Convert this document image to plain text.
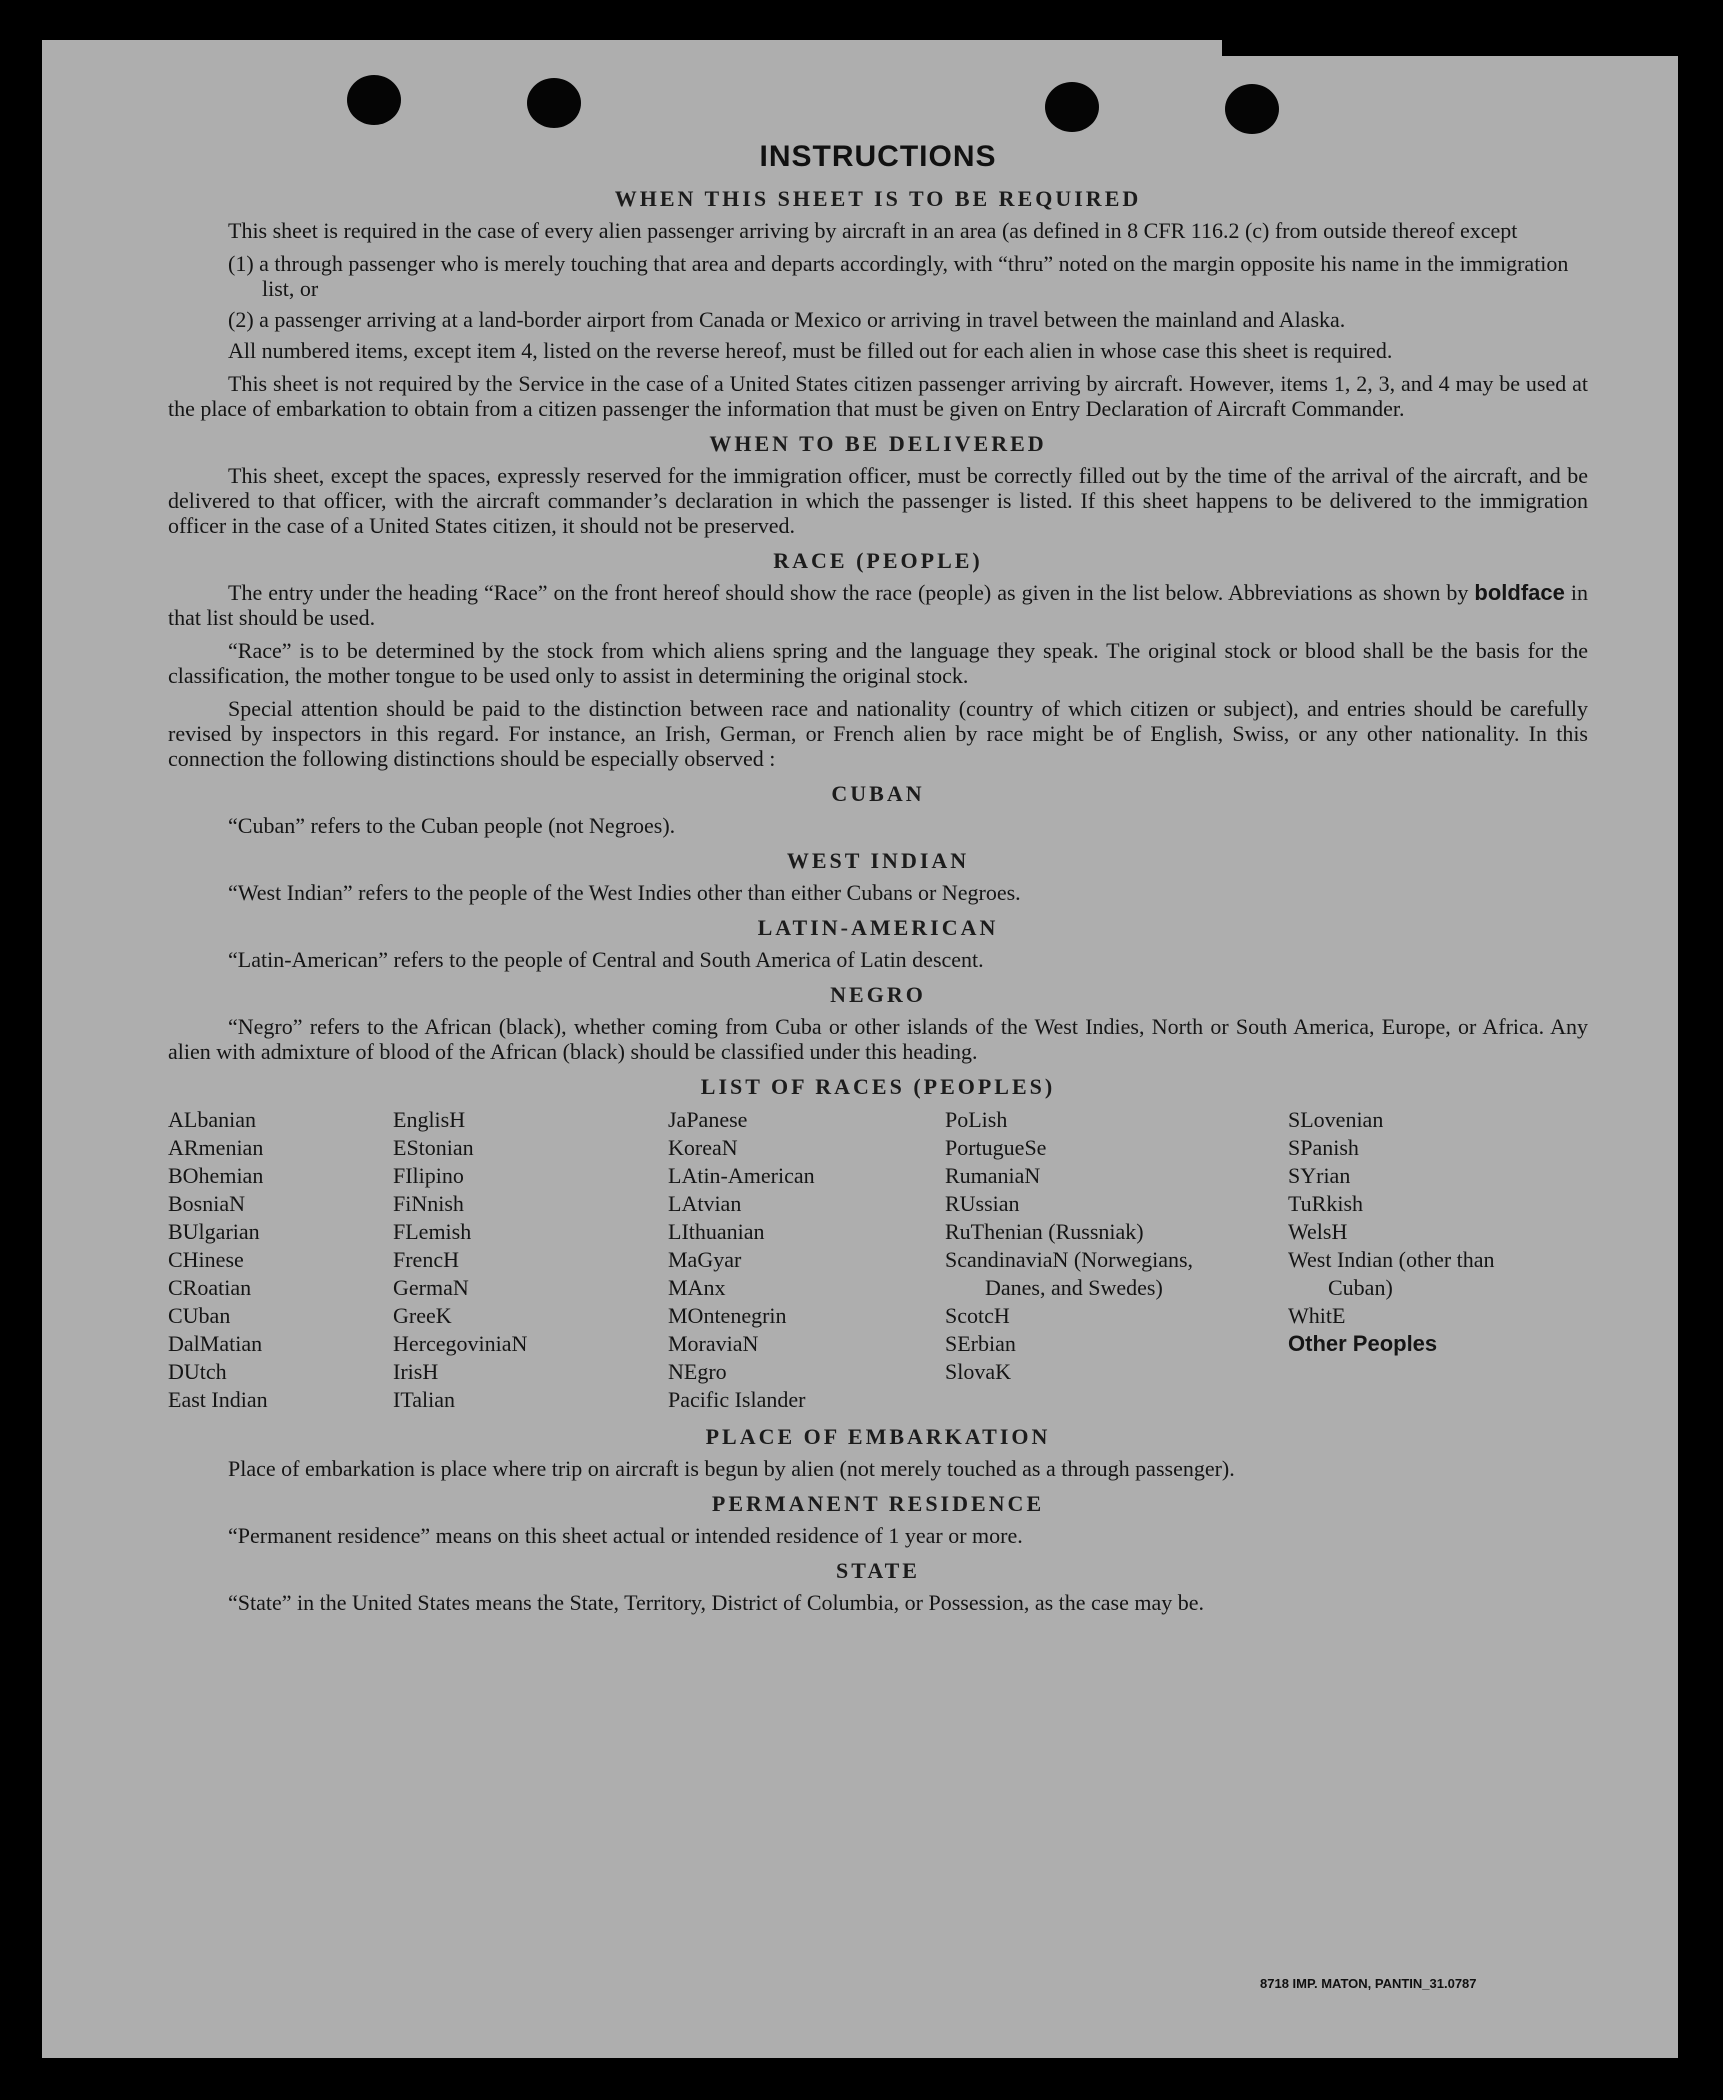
INSTRUCTIONS
WHEN THIS SHEET IS TO BE REQUIRED

This sheet is required in the case of every alien passenger arriving by aircraft in an area (as defined in 8 CFR 116.2 (c) from outside thereof except

(1) a through passenger who is merely touching that area and departs accordingly, with “thru” noted on the margin opposite his name in the immigration list, or

(2) a passenger arriving at a land-border airport from Canada or Mexico or arriving in travel between the mainland and Alaska.

All numbered items, except item 4, listed on the reverse hereof, must be filled out for each alien in whose case this sheet is required.

This sheet is not required by the Service in the case of a United States citizen passenger arriving by aircraft. However, items 1, 2, 3, and 4 may be used at the place of embarkation to obtain from a citizen passenger the information that must be given on Entry Declaration of Aircraft Commander.

WHEN TO BE DELIVERED

This sheet, except the spaces, expressly reserved for the immigration officer, must be correctly filled out by the time of the arrival of the aircraft, and be delivered to that officer, with the aircraft commander’s declaration in which the passenger is listed. If this sheet happens to be delivered to the immigration officer in the case of a United States citizen, it should not be preserved.

RACE (PEOPLE)

The entry under the heading “Race” on the front hereof should show the race (people) as given in the list below. Abbreviations as shown by boldface in that list should be used.

“Race” is to be determined by the stock from which aliens spring and the language they speak. The original stock or blood shall be the basis for the classification, the mother tongue to be used only to assist in determining the original stock.

Special attention should be paid to the distinction between race and nationality (country of which citizen or subject), and entries should be carefully revised by inspectors in this regard. For instance, an Irish, German, or French alien by race might be of English, Swiss, or any other nationality. In this connection the following distinctions should be especially observed :

CUBAN

“Cuban” refers to the Cuban people (not Negroes).

WEST INDIAN

“West Indian” refers to the people of the West Indies other than either Cubans or Negroes.

LATIN-AMERICAN

“Latin-American” refers to the people of Central and South America of Latin descent.

NEGRO

“Negro” refers to the African (black), whether coming from Cuba or other islands of the West Indies, North or South America, Europe, or Africa. Any alien with admixture of blood of the African (black) should be classified under this heading.

LIST OF RACES (PEOPLES)
ALbanian
ARmenian
BOhemian
BosniaN
BUlgarian
CHinese
CRoatian
CUban
DalMatian
DUtch
East Indian
EnglisH
EStonian
FIlipino
FiNnish
FLemish
FrencH
GermaN
GreeK
HercegoviniaN
IrisH
ITalian
JaPanese
KoreaN
LAtin-American
LAtvian
LIthuanian
MaGyar
MAnx
MOntenegrin
MoraviaN
NEgro
Pacific Islander
PoLish
PortugueSe
RumaniaN
RUssian
RuThenian (Russniak)
ScandinaviaN (Norwegians, Danes, and Swedes)
ScotcH
SErbian
SlovaK
SLovenian
SPanish
SYrian
TuRkish
WelsH
West Indian (other than Cuban)
WhitE
Other Peoples
PLACE OF EMBARKATION

Place of embarkation is place where trip on aircraft is begun by alien (not merely touched as a through passenger).

PERMANENT RESIDENCE

“Permanent residence” means on this sheet actual or intended residence of 1 year or more.

STATE

“State” in the United States means the State, Territory, District of Columbia, or Possession, as the case may be.

8718 IMP. MATON, PANTIN_31.0787
